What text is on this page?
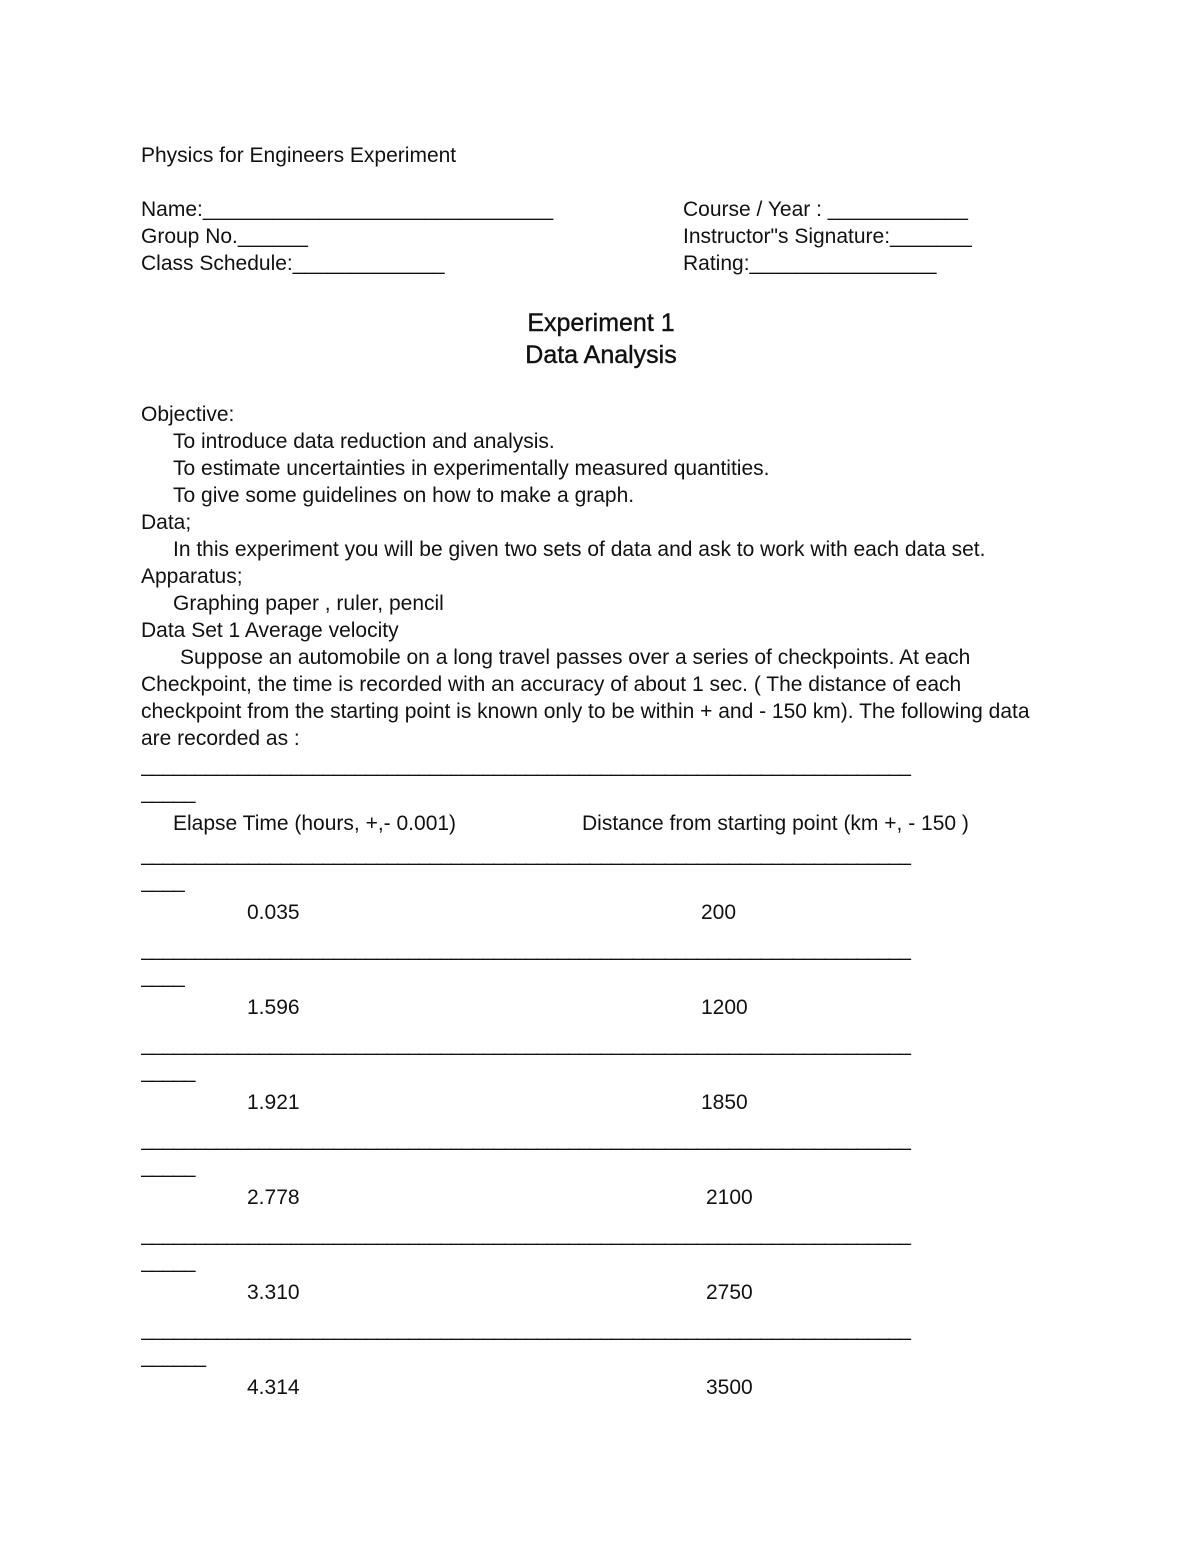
Physics for Engineers Experiment

Name:______________________________	Course / Year : ____________
Group No.______	Instructor"s Signature:_______
Class Schedule:_____________	Rating:________________
Experiment 1
Data Analysis
Objective:
To introduce data reduction and analysis.
To estimate uncertainties in experimentally measured quantities.
To give some guidelines on how to make a graph.
Data;

In this experiment you will be given two sets of data and ask to work with each data set.

Apparatus;
Graphing paper , ruler, pencil
Data Set 1 Average velocity

Suppose an automobile on a long travel passes over a series of checkpoints. At each

Checkpoint, the time is recorded with an accuracy of about 1 sec. ( The distance of each checkpoint from the starting point is known only to be within + and - 150 km). The following data are recorded as :

________________________________________________________________________
_____
Elapse Time (hours, +,- 0.001)	Distance from starting point (km +, - 150 )
________________________________________________________________________
____
0.035	200
________________________________________________________________________
____
1.596	1200
________________________________________________________________________
_____
1.921	1850
________________________________________________________________________
_____
2.778	2100
________________________________________________________________________
_____
3.310	2750
________________________________________________________________________
______
4.314	3500
